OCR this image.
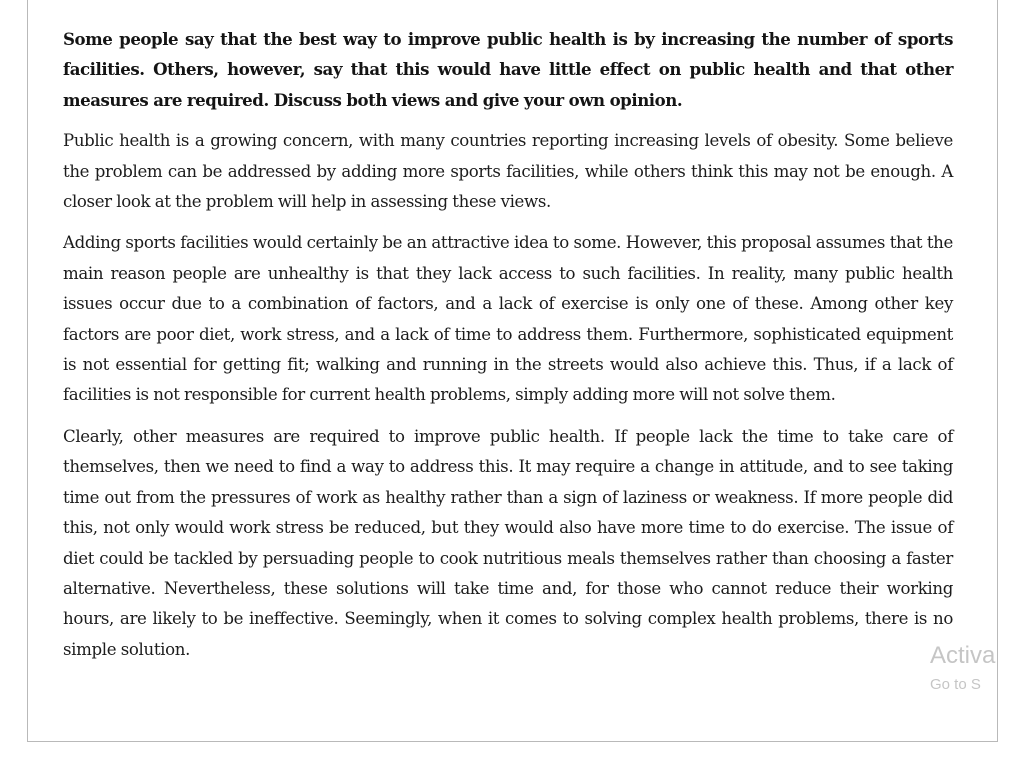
Some people say that the best way to improve public health is by increasing the number of sports facilities. Others, however, say that this would have little effect on public health and that other measures are required. Discuss both views and give your own opinion.

Public health is a growing concern, with many countries reporting increasing levels of obesity. Some believe the problem can be addressed by adding more sports facilities, while others think this may not be enough. A closer look at the problem will help in assessing these views.

Adding sports facilities would certainly be an attractive idea to some. However, this proposal assumes that the main reason people are unhealthy is that they lack access to such facilities. In reality, many public health issues occur due to a combination of factors, and a lack of exercise is only one of these. Among other key factors are poor diet, work stress, and a lack of time to address them. Furthermore, sophisticated equipment is not essential for getting fit; walking and running in the streets would also achieve this. Thus, if a lack of facilities is not responsible for current health problems, simply adding more will not solve them.

Clearly, other measures are required to improve public health. If people lack the time to take care of themselves, then we need to find a way to address this. It may require a change in attitude, and to see taking time out from the pressures of work as healthy rather than a sign of laziness or weakness. If more people did this, not only would work stress be reduced, but they would also have more time to do exercise. The issue of diet could be tackled by persuading people to cook nutritious meals themselves rather than choosing a faster alternative. Nevertheless, these solutions will take time and, for those who cannot reduce their working hours, are likely to be ineffective. Seemingly, when it comes to solving complex health problems, there is no simple solution.	Activa
Go to S
